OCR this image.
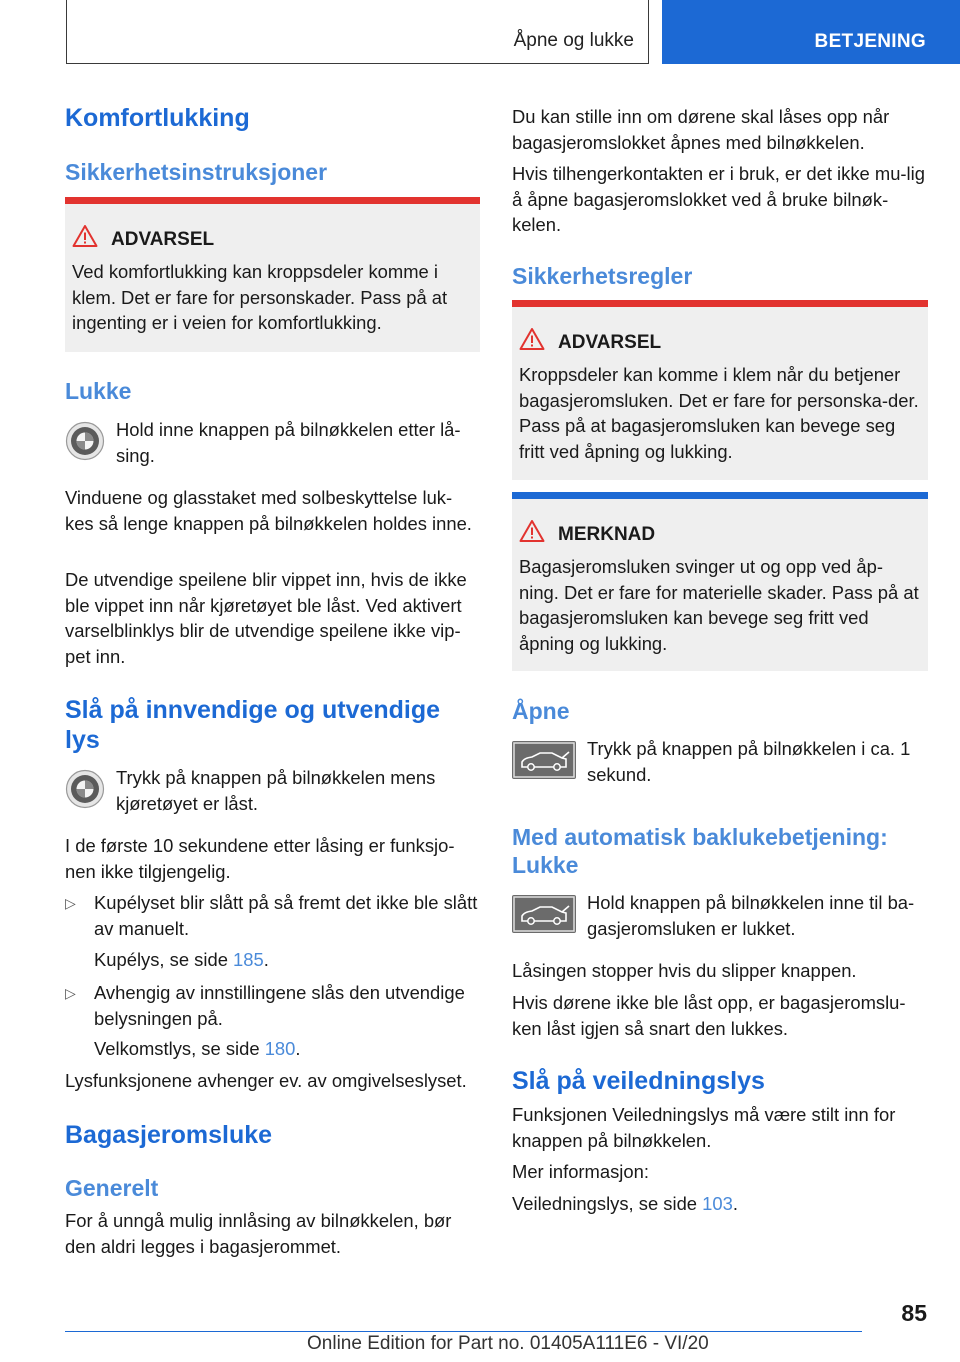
Åpne og lukke	BETJENING
Komfortlukking
Sikkerhetsinstruksjoner
ADVARSEL

Ved komfortlukking kan kroppsdeler komme i klem. Det er fare for personskader. Pass på at ingenting er i veien for komfortlukking.

Lukke

Hold inne knappen på bilnøkkelen etter lå-sing.

Vinduene og glasstaket med solbeskyttelse luk-kes så lenge knappen på bilnøkkelen holdes inne.

De utvendige speilene blir vippet inn, hvis de ikke ble vippet inn når kjøretøyet ble låst. Ved aktivert varselblinklys blir de utvendige speilene ikke vip-pet inn.

Slå på innvendige og utvendige lys

Trykk på knappen på bilnøkkelen mens kjøretøyet er låst.

I de første 10 sekundene etter låsing er funksjo-nen ikke tilgjengelig.

▷ Kupélyset blir slått på så fremt det ikke ble slått av manuelt.

Kupélys, se side 185.

▷ Avhengig av innstillingene slås den utvendige belysningen på.

Velkomstlys, se side 180.

Lysfunksjonene avhenger ev. av omgivelseslyset.

Bagasjeromsluke
Generelt

For å unngå mulig innlåsing av bilnøkkelen, bør den aldri legges i bagasjerommet.

Du kan stille inn om dørene skal låses opp når bagasjeromslokket åpnes med bilnøkkelen.

Hvis tilhengerkontakten er i bruk, er det ikke mu-lig å åpne bagasjeromslokket ved å bruke bilnøk-kelen.

Sikkerhetsregler
ADVARSEL

Kroppsdeler kan komme i klem når du betjener bagasjeromsluken. Det er fare for personska-der. Pass på at bagasjeromsluken kan bevege seg fritt ved åpning og lukking.

MERKNAD

Bagasjeromsluken svinger ut og opp ved åp-ning. Det er fare for materielle skader. Pass på at bagasjeromsluken kan bevege seg fritt ved åpning og lukking.

Åpne

Trykk på knappen på bilnøkkelen i ca. 1 sekund.

Med automatisk baklukebetjening: Lukke

Hold knappen på bilnøkkelen inne til ba-gasjeromsluken er lukket.

Låsingen stopper hvis du slipper knappen.

Hvis dørene ikke ble låst opp, er bagasjeromslu-ken låst igjen så snart den lukkes.

Slå på veiledningslys

Funksjonen Veiledningslys må være stilt inn for knappen på bilnøkkelen.

Mer informasjon:

Veiledningslys, se side 103.

85
Online Edition for Part no. 01405A111E6 - VI/20
